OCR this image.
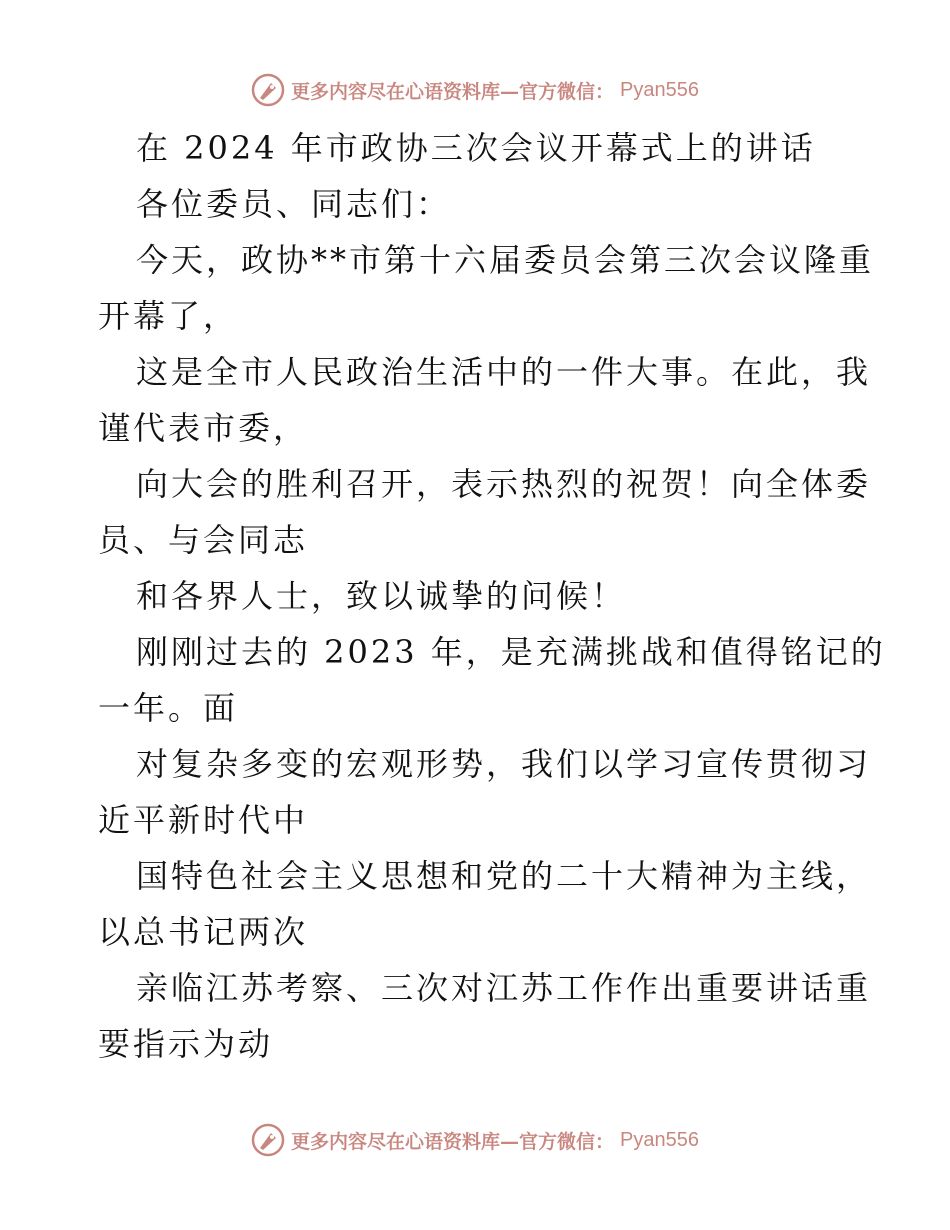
更多内容尽在心语资料库—官方微信： Pyan556
在 2024 年市政协三次会议开幕式上的讲话
各位委员、同志们：
今天，政协**市第十六届委员会第三次会议隆重
开幕了，
这是全市人民政治生活中的一件大事。在此，我
谨代表市委，
向大会的胜利召开，表示热烈的祝贺！向全体委
员、与会同志
和各界人士，致以诚挚的问候！
刚刚过去的 2023 年，是充满挑战和值得铭记的
一年。面
对复杂多变的宏观形势，我们以学习宣传贯彻习
近平新时代中
国特色社会主义思想和党的二十大精神为主线，
以总书记两次
亲临江苏考察、三次对江苏工作作出重要讲话重
要指示为动
更多内容尽在心语资料库—官方微信： Pyan556
